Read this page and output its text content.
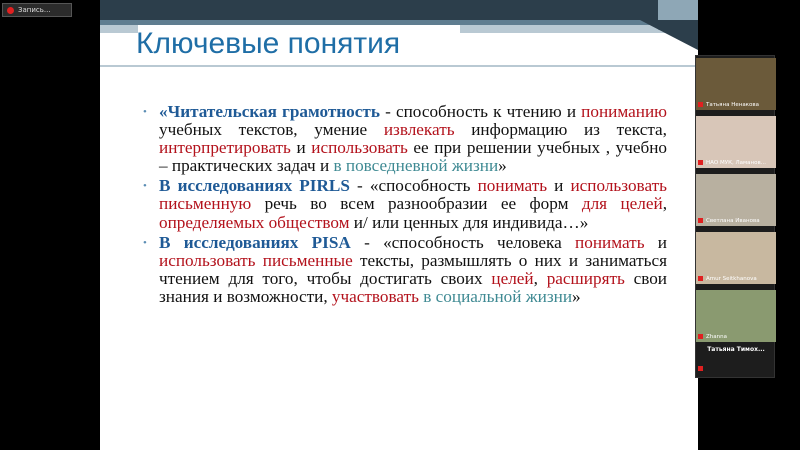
Запись...
Ключевые понятия
• «Читательская грамотность - способность к чтению и пониманию учебных текстов, умение извлекать информацию из текста, интерпретировать и использовать ее при решении учебных , учебно – практических задач и в повседневной жизни»
• В исследованиях PIRLS - «способность понимать и использовать письменную речь во всем разнообразии ее форм для целей, определяемых обществом и/ или ценных для индивида…»
• В исследованиях PISA - «способность человека понимать и использовать письменные тексты, размышлять о них и заниматься чтением для того, чтобы достигать своих целей, расширять свои знания и возможности, участвовать в социальной жизни»
Татьяна Тимох...
Татьяна Ненакова
НАО МУК, Ламанов...
Светлана Иванова
Amur Seitkhanova
Zhanna
